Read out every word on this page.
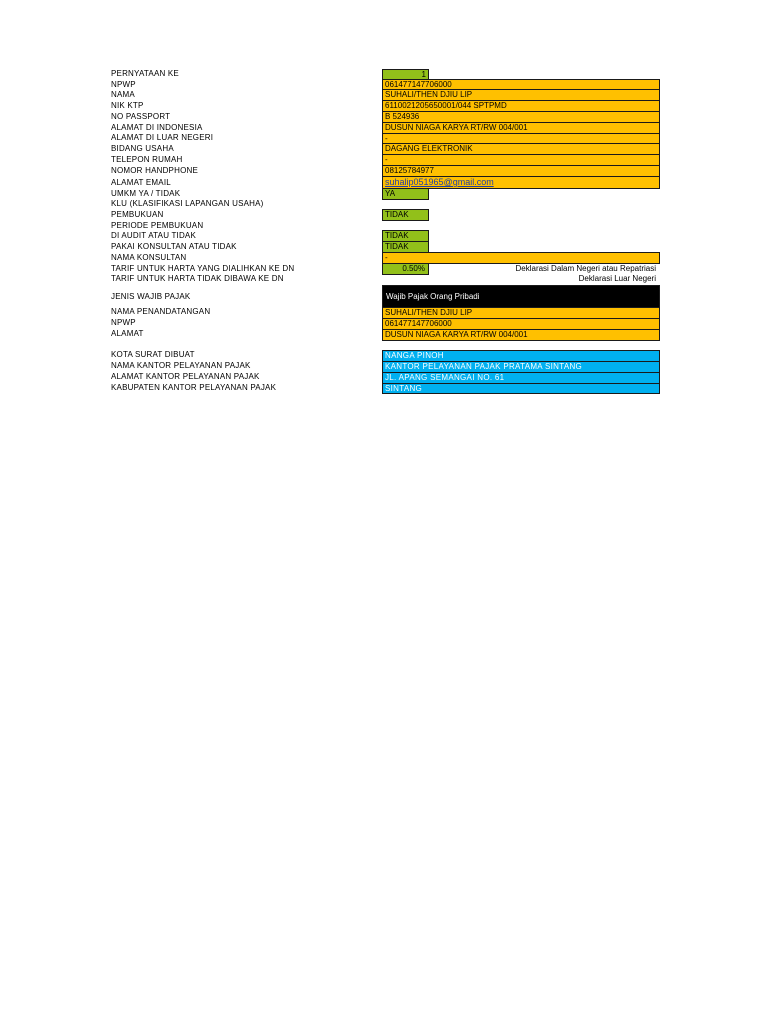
PERNYATAAN KE
NPWP
NAMA
NIK KTP
NO PASSPORT
ALAMAT DI INDONESIA
ALAMAT DI LUAR NEGERI
BIDANG USAHA
TELEPON RUMAH
NOMOR HANDPHONE
ALAMAT EMAIL
UMKM YA / TIDAK
KLU (KLASIFIKASI LAPANGAN USAHA)
PEMBUKUAN
PERIODE PEMBUKUAN
DI AUDIT ATAU TIDAK
PAKAI KONSULTAN ATAU TIDAK
NAMA KONSULTAN
TARIF UNTUK HARTA YANG DIALIHKAN KE DN
TARIF UNTUK HARTA TIDAK DIBAWA KE DN
JENIS WAJIB PAJAK
NAMA PENANDATANGAN
NPWP
ALAMAT
KOTA SURAT DIBUAT
NAMA KANTOR PELAYANAN PAJAK
ALAMAT KANTOR PELAYANAN PAJAK
KABUPATEN KANTOR PELAYANAN PAJAK
1
061477147706000
SUHALI/THEN DJIU LIP
6110021205650001/044 SPTPMD
B 524936
DUSUN NIAGA KARYA RT/RW 004/001
-
DAGANG ELEKTRONIK
-
08125784977
suhalip051965@gmail.com
YA
TIDAK
TIDAK
TIDAK
-
0.50%	Deklarasi Dalam Negeri atau Repatriasi
Deklarasi Luar Negeri
Wajib Pajak Orang Pribadi
SUHALI/THEN DJIU LIP
061477147706000
DUSUN NIAGA KARYA RT/RW 004/001
NANGA PINOH
KANTOR PELAYANAN PAJAK PRATAMA SINTANG
JL. APANG SEMANGAI NO. 61
SINTANG
